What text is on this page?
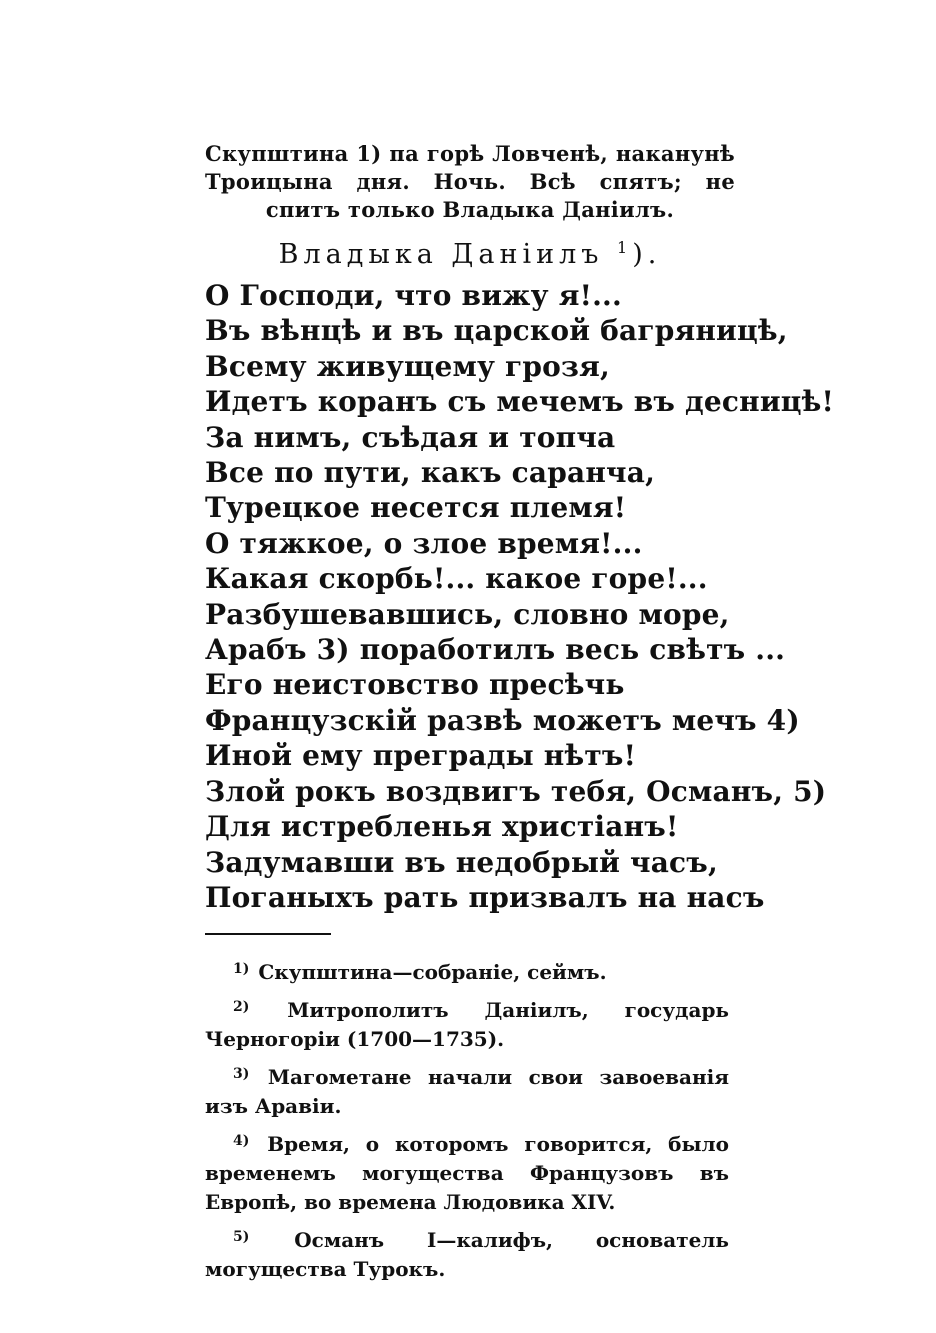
Скупштина 1) па горѣ Ловченѣ, наканунѣ Троицына дня. Ночь. Всѣ спятъ; не спитъ только Владыка Даніилъ.
Владыка Даніилъ $^1$).
О Господи, что вижу я!...
Въ вѣнцѣ и въ царской багряницѣ,
Всему живущему грозя,
Идетъ коранъ съ мечемъ въ десницѣ!
За нимъ, съѣдая и топча
Все по пути, какъ саранча,
Турецкое несется племя!
О тяжкое, о злое время!...
Какая скорбь!... какое горе!...
Разбушевавшись, словно море,
Арабъ 3) поработилъ весь свѣтъ ...
Его неистовство пресѣчь
Французскій развѣ можетъ мечъ 4)
Иной ему преграды нѣтъ!
Злой рокъ воздвигъ тебя, Османъ, 5)
Для истребленья христіанъ!
Задумавши въ недобрый часъ,
Поганыхъ рать призвалъ на насъ
$^{1)}$ Скупштина—собраніе, сеймъ.
$^{2)}$ Митрополитъ Даніилъ, государь Черногоріи (1700—1735).
$^{3)}$ Магометане начали свои завоеванія изъ Аравіи.
$^{4)}$ Время, о которомъ говорится, было временемъ могущества Французовъ въ Европѣ, во времена Людовика XIV.
$^{5)}$ Османъ I—калифъ, основатель могущества Турокъ.
